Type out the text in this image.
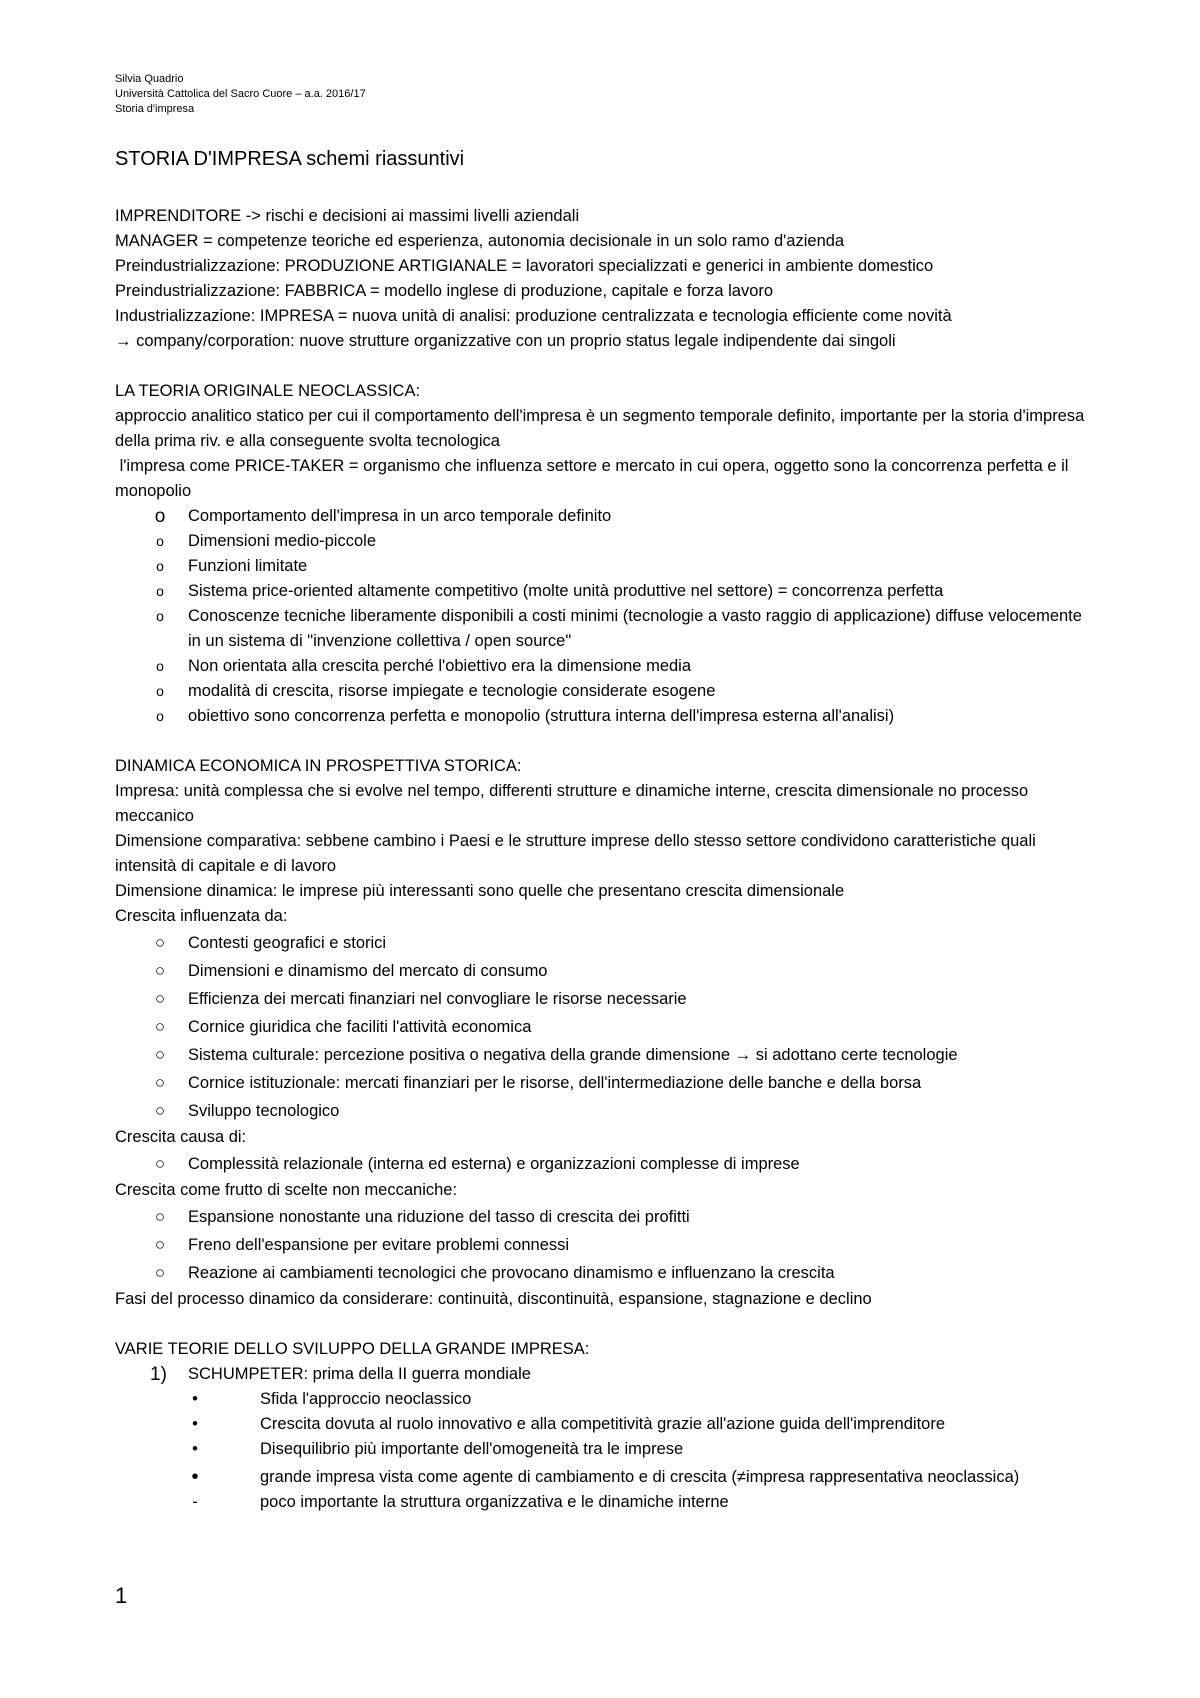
Silvia Quadrio
Università Cattolica del Sacro Cuore – a.a. 2016/17
Storia d'impresa
STORIA D'IMPRESA schemi riassuntivi

IMPRENDITORE -> rischi e decisioni ai massimi livelli aziendali

MANAGER = competenze teoriche ed esperienza, autonomia decisionale in un solo ramo d'azienda

Preindustrializzazione: PRODUZIONE ARTIGIANALE = lavoratori specializzati e generici in ambiente domestico

Preindustrializzazione: FABBRICA = modello inglese di produzione, capitale e forza lavoro

Industrializzazione: IMPRESA = nuova unità di analisi: produzione centralizzata e tecnologia efficiente come novità

→ company/corporation: nuove strutture organizzative con un proprio status legale indipendente dai singoli

LA TEORIA ORIGINALE NEOCLASSICA:

approccio analitico statico per cui il comportamento dell'impresa è un segmento temporale definito, importante per la storia d'impresa della prima riv. e alla conseguente svolta tecnologica

l'impresa come PRICE-TAKER = organismo che influenza settore e mercato in cui opera, oggetto sono la concorrenza perfetta e il monopolio

o Comportamento dell'impresa in un arco temporale definito
o	Dimensioni medio-piccole
o	Funzioni limitate
o	Sistema price-oriented altamente competitivo (molte unità produttive nel settore) = concorrenza perfetta
o	Conoscenze tecniche liberamente disponibili a costi minimi (tecnologie a vasto raggio di applicazione) diffuse velocemente in un sistema di "invenzione collettiva / open source"
o	Non orientata alla crescita perché l'obiettivo era la dimensione media
o	modalità di crescita, risorse impiegate e tecnologie considerate esogene
o	obiettivo sono concorrenza perfetta e monopolio (struttura interna dell'impresa esterna all'analisi)

DINAMICA ECONOMICA IN PROSPETTIVA STORICA:

Impresa: unità complessa che si evolve nel tempo, differenti strutture e dinamiche interne, crescita dimensionale no processo meccanico

Dimensione comparativa: sebbene cambino i Paesi e le strutture imprese dello stesso settore condividono caratteristiche quali intensità di capitale e di lavoro

Dimensione dinamica: le imprese più interessanti sono quelle che presentano crescita dimensionale

Crescita influenzata da:

○ Contesti geografici e storici
○ Dimensioni e dinamismo del mercato di consumo
○ Efficienza dei mercati finanziari nel convogliare le risorse necessarie
○ Cornice giuridica che faciliti l'attività economica
○ Sistema culturale: percezione positiva o negativa della grande dimensione → si adottano certe tecnologie
○ Cornice istituzionale: mercati finanziari per le risorse, dell'intermediazione delle banche e della borsa
○ Sviluppo tecnologico

Crescita causa di:

○ Complessità relazionale (interna ed esterna) e organizzazioni complesse di imprese

Crescita come frutto di scelte non meccaniche:

○ Espansione nonostante una riduzione del tasso di crescita dei profitti
○ Freno dell'espansione per evitare problemi connessi
○ Reazione ai cambiamenti tecnologici che provocano dinamismo e influenzano la crescita

Fasi del processo dinamico da considerare: continuità, discontinuità, espansione, stagnazione e declino

VARIE TEORIE DELLO SVILUPPO DELLA GRANDE IMPRESA:

1) SCHUMPETER: prima della II guerra mondiale
•	Sfida l'approccio neoclassico
•	Crescita dovuta al ruolo innovativo e alla competitività grazie all'azione guida dell'imprenditore
•	Disequilibrio più importante dell'omogeneità tra le imprese
•	grande impresa vista come agente di cambiamento e di crescita (≠impresa rappresentativa neoclassica)
-	poco importante la struttura organizzativa e le dinamiche interne
1
